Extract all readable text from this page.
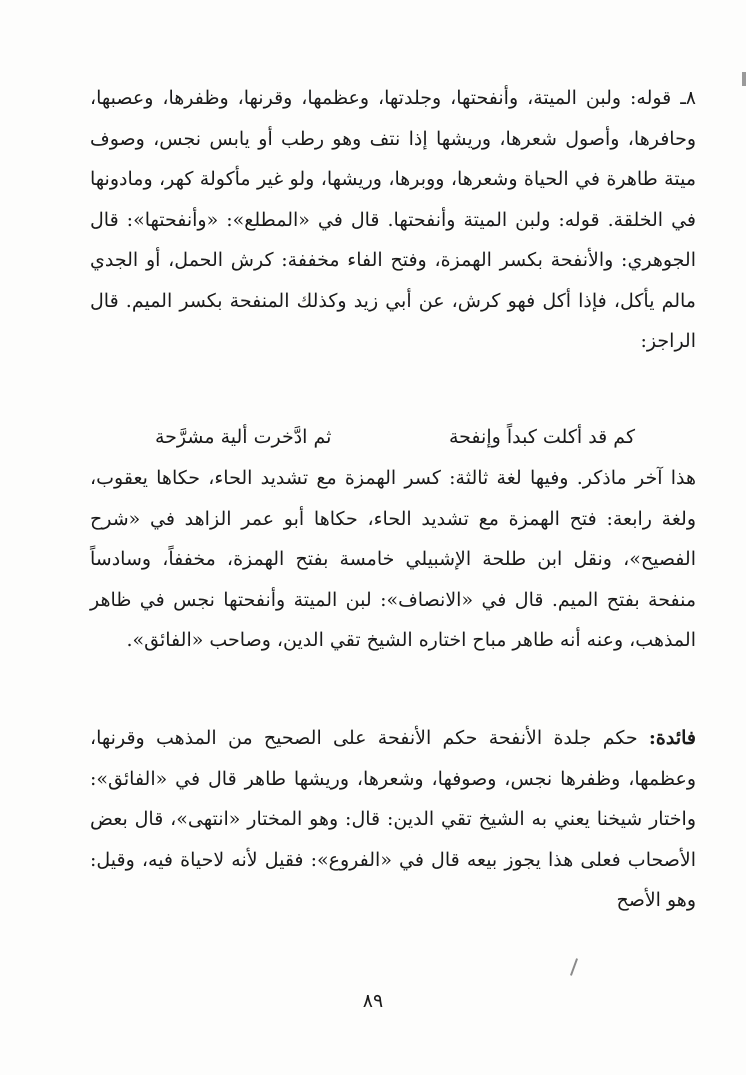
٨ـ قوله: ولبن الميتة، وأنفحتها، وجلدتها، وعظمها، وقرنها، وظفرها، وعصبها، وحافرها، وأصول شعرها، وريشها إذا نتف وهو رطب أو يابس نجس، وصوف ميتة طاهرة في الحياة وشعرها، ووبرها، وريشها، ولو غير مأكولة كهر، ومادونها في الخلقة. قوله: ولبن الميتة وأنفحتها. قال في «المطلع»: «وأنفحتها»: قال الجوهري: والأنفحة بكسر الهمزة، وفتح الفاء مخففة: كرش الحمل، أو الجدي مالم يأكل، فإذا أكل فهو كرش، عن أبي زيد وكذلك المنفحة بكسر الميم. قال الراجز:

كم قد أكلت كبداً وإنفحة
ثم ادَّخرت ألية مشرَّحة

هذا آخر ماذكر. وفيها لغة ثالثة: كسر الهمزة مع تشديد الحاء، حكاها يعقوب، ولغة رابعة: فتح الهمزة مع تشديد الحاء، حكاها أبو عمر الزاهد في «شرح الفصيح»، ونقل ابن طلحة الإشبيلي خامسة بفتح الهمزة، مخففاً، وسادساً منفحة بفتح الميم. قال في «الانصاف»: لبن الميتة وأنفحتها نجس في ظاهر المذهب، وعنه أنه طاهر مباح اختاره الشيخ تقي الدين، وصاحب «الفائق».

فائدة: حكم جلدة الأنفحة حكم الأنفحة على الصحيح من المذهب وقرنها، وعظمها، وظفرها نجس، وصوفها، وشعرها، وريشها طاهر قال في «الفائق»: واختار شيخنا يعني به الشيخ تقي الدين: قال: وهو المختار «انتهى»، قال بعض الأصحاب فعلى هذا يجوز بيعه قال في «الفروع»: فقيل لأنه لاحياة فيه، وقيل: وهو الأصح

٨٩
